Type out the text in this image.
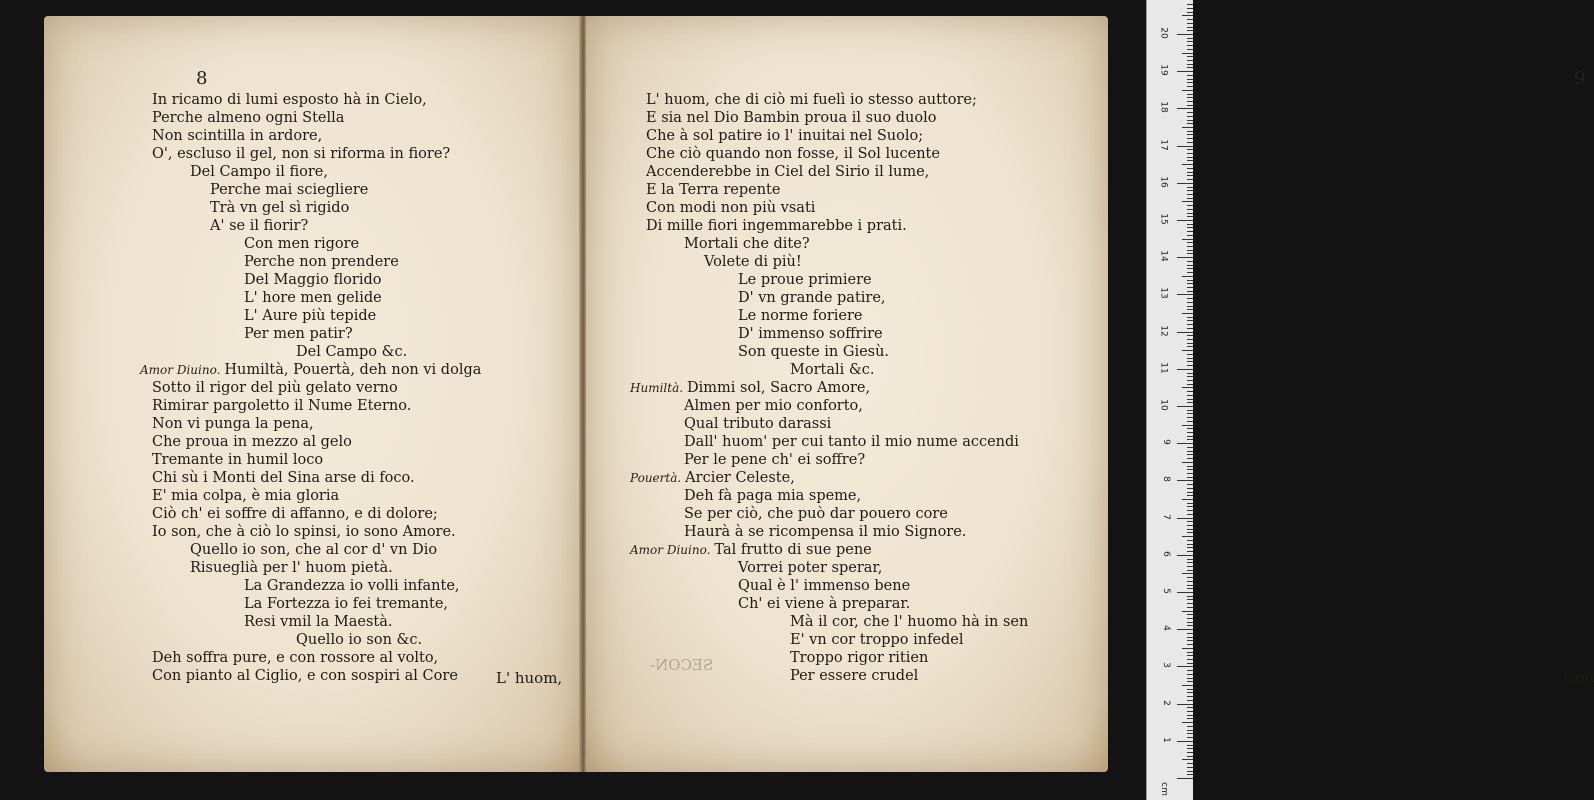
8
In ricamo di lumi esposto hà in Cielo,
Perche almeno ogni Stella
Non scintilla in ardore,
O', escluso il gel, non si riforma in fiore?
Del Campo il fiore,
Perche mai sciegliere
Trà vn gel sì rigido
A' se il fiorir?
Con men rigore
Perche non prendere
Del Maggio florido
L' hore men gelide
L' Aure più tepide
Per men patir?
Del Campo &c.
Amor Diuino. Humiltà, Pouertà, deh non vi dolga
Sotto il rigor del più gelato verno
Rimirar pargoletto il Nume Eterno.
Non vi punga la pena,
Che proua in mezzo al gelo
Tremante in humil loco
Chi sù i Monti del Sina arse di foco.
E' mia colpa, è mia gloria
Ciò ch' ei soffre di affanno, e di dolore;
Io son, che à ciò lo spinsi, io sono Amore.
Quello io son, che al cor d' vn Dio
Risueglià per l' huom pietà.
La Grandezza io volli infante,
La Fortezza io fei tremante,
Resi vmil la Maestà.
Quello io son &c.
Deh soffra pure, e con rossore al volto,
Con pianto al Ciglio, e con sospiri al Core	L' huom,
9
L' huom, che di ciò mi fuelì io stesso auttore;
E sia nel Dio Bambin proua il suo duolo
Che à sol patire io l' inuitai nel Suolo;
Che ciò quando non fosse, il Sol lucente
Accenderebbe in Ciel del Sirio il lume,
E la Terra repente
Con modi non più vsati
Di mille fiori ingemmarebbe i prati.
Mortali che dite?
Volete di più!
Le proue primiere
D' vn grande patire,
Le norme foriere
D' immenso soffrire
Son queste in Giesù.
Mortali &c.
Humiltà. Dimmi sol, Sacro Amore,
Almen per mio conforto,
Qual tributo darassi
Dall' huom' per cui tanto il mio nume accendi
Per le pene ch' ei soffre?
Pouertà. Arcier Celeste,
Deh fà paga mia speme,
Se per ciò, che può dar pouero core
Haurà à se ricompensa il mio Signore.
Amor Diuino. Tal frutto di sue pene
Vorrei poter sperar,
Qual è l' immenso bene
Ch' ei viene à preparar.
Mà il cor, che l' huomo hà in sen
E' vn cor troppo infedel
Troppo rigor ritien
Per essere crudel	Con
SECON-
cm
1
2
3
4
5
6
7
8
9
10
11
12
13
14
15
16
17
18
19
20
